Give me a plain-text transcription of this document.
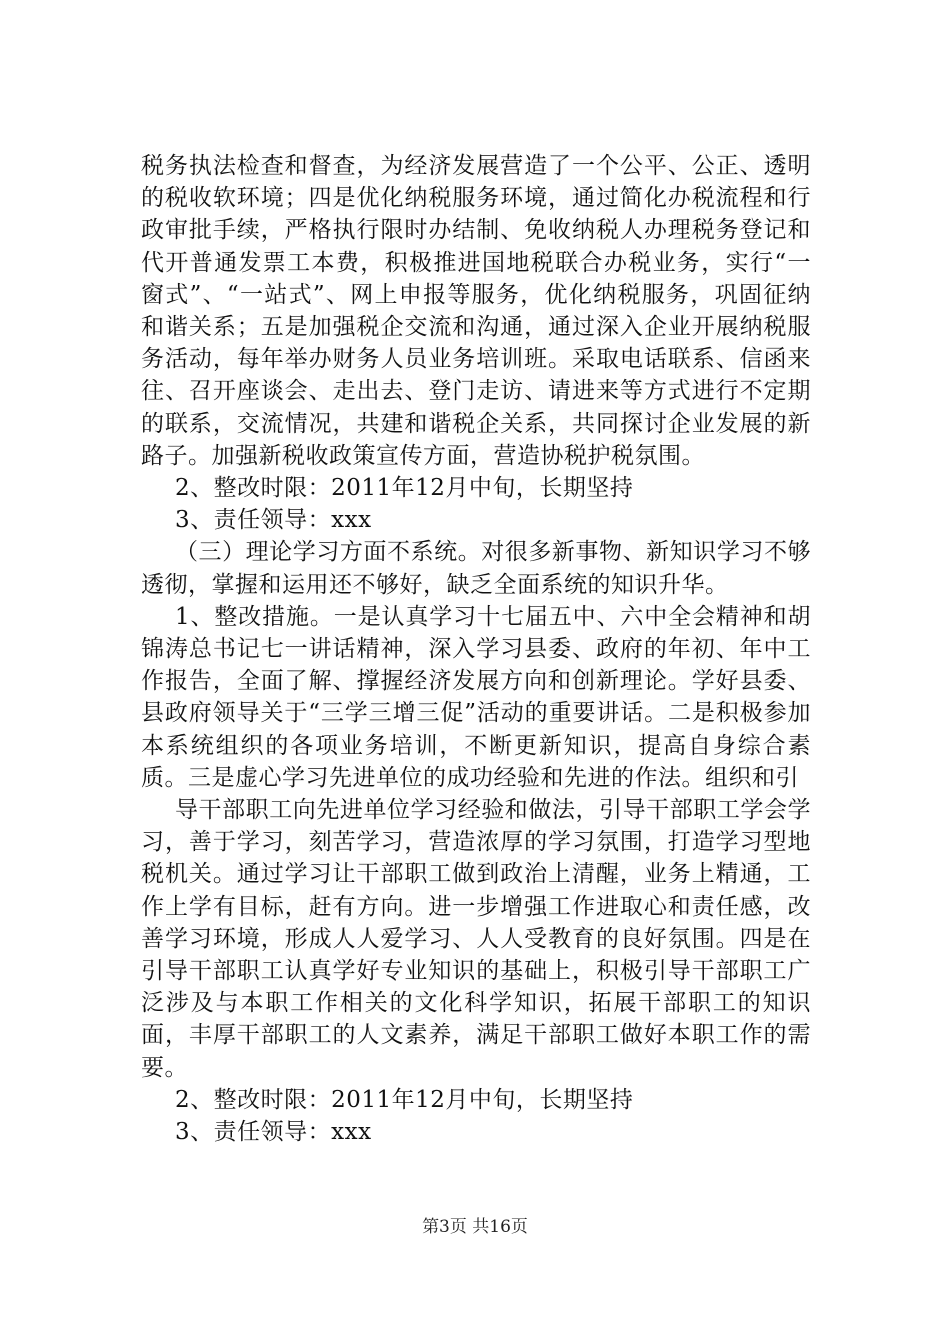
税务执法检查和督查，为经济发展营造了一个公平、公正、透明的税收软环境；四是优化纳税服务环境，通过简化办税流程和行政审批手续，严格执行限时办结制、免收纳税人办理税务登记和代开普通发票工本费，积极推进国地税联合办税业务，实行“一窗式”、“一站式”、网上申报等服务，优化纳税服务，巩固征纳和谐关系；五是加强税企交流和沟通，通过深入企业开展纳税服务活动，每年举办财务人员业务培训班。采取电话联系、信函来往、召开座谈会、走出去、登门走访、请进来等方式进行不定期的联系，交流情况，共建和谐税企关系，共同探讨企业发展的新路子。加强新税收政策宣传方面，营造协税护税氛围。

2、整改时限：2011年12月中旬，长期坚持

3、责任领导：xxx

（三）理论学习方面不系统。对很多新事物、新知识学习不够透彻，掌握和运用还不够好，缺乏全面系统的知识升华。

1、整改措施。一是认真学习十七届五中、六中全会精神和胡锦涛总书记七一讲话精神，深入学习县委、政府的年初、年中工作报告，全面了解、撑握经济发展方向和创新理论。学好县委、县政府领导关于“三学三增三促”活动的重要讲话。二是积极参加本系统组织的各项业务培训，不断更新知识，提高自身综合素质。三是虚心学习先进单位的成功经验和先进的作法。组织和引

导干部职工向先进单位学习经验和做法，引导干部职工学会学习，善于学习，刻苦学习，营造浓厚的学习氛围，打造学习型地税机关。通过学习让干部职工做到政治上清醒，业务上精通，工作上学有目标，赶有方向。进一步增强工作进取心和责任感，改善学习环境，形成人人爱学习、人人受教育的良好氛围。四是在引导干部职工认真学好专业知识的基础上，积极引导干部职工广泛涉及与本职工作相关的文化科学知识，拓展干部职工的知识面，丰厚干部职工的人文素养，满足干部职工做好本职工作的需要。

2、整改时限：2011年12月中旬，长期坚持

3、责任领导：xxx

第3页 共16页
